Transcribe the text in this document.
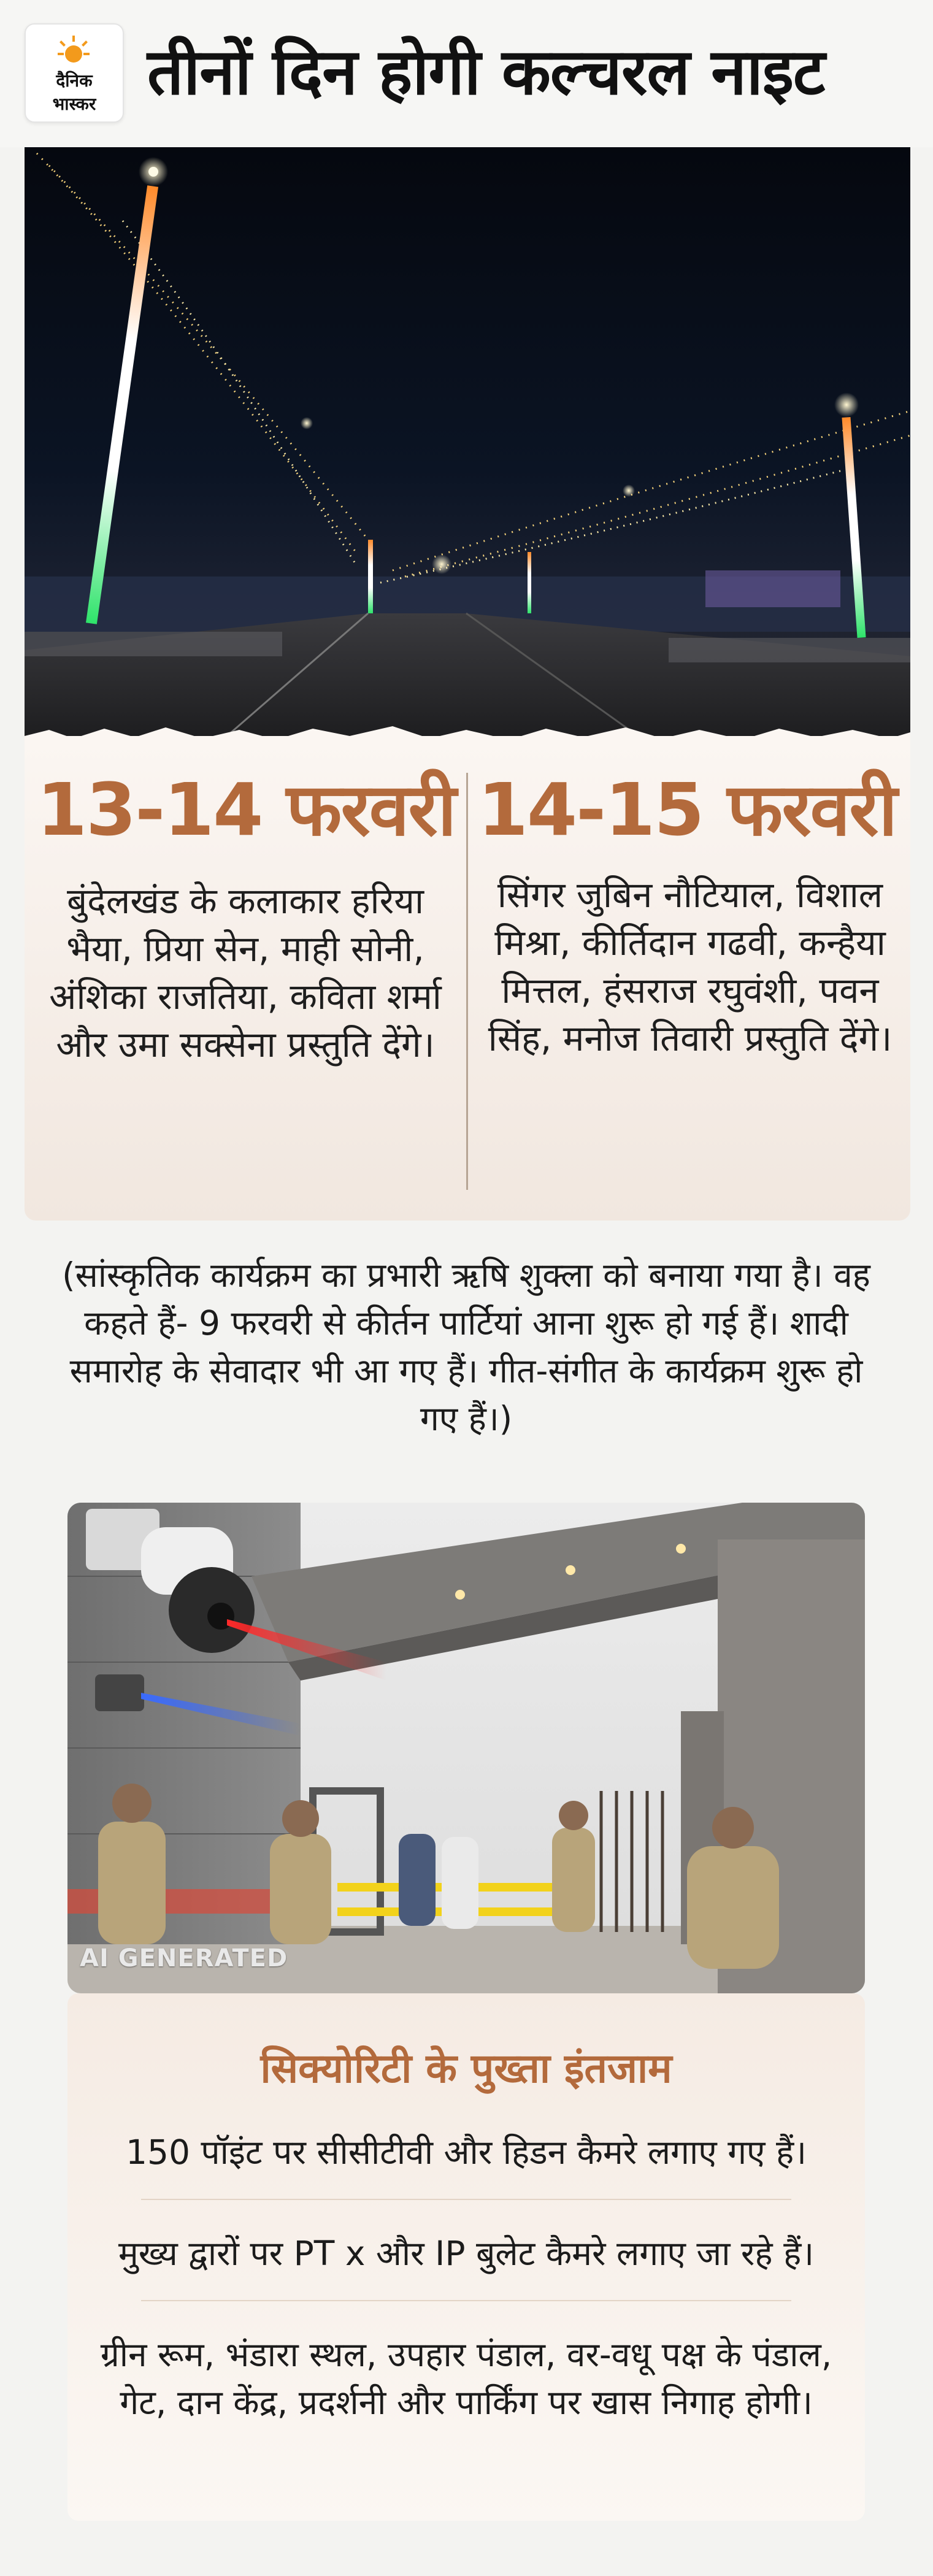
दैनिक
भास्कर तीनों दिन होगी कल्चरल नाइट
13-14 फरवरी
बुंदेलखंड के कलाकार हरिया भैया, प्रिया सेन, माही सोनी, अंशिका राजतिया, कविता शर्मा और उमा सक्सेना प्रस्तुति देंगे।
14-15 फरवरी
सिंगर जुबिन नौटियाल, विशाल मिश्रा, कीर्तिदान गढवी, कन्हैया मित्तल, हंसराज रघुवंशी, पवन सिंह, मनोज तिवारी प्रस्तुति देंगे।
(सांस्कृतिक कार्यक्रम का प्रभारी ऋषि शुक्ला को बनाया गया है। वह कहते हैं- 9 फरवरी से कीर्तन पार्टियां आना शुरू हो गई हैं। शादी समारोह के सेवादार भी आ गए हैं। गीत-संगीत के कार्यक्रम शुरू हो गए हैं।)
AI GENERATED
सिक्योरिटी के पुख्ता इंतजाम
150 पॉइंट पर सीसीटीवी और हिडन कैमरे लगाए गए हैं।
मुख्य द्वारों पर PT x और IP बुलेट कैमरे लगाए जा रहे हैं।
ग्रीन रूम, भंडारा स्थल, उपहार पंडाल, वर-वधू पक्ष के पंडाल, गेट, दान केंद्र, प्रदर्शनी और पार्किंग पर खास निगाह होगी।
